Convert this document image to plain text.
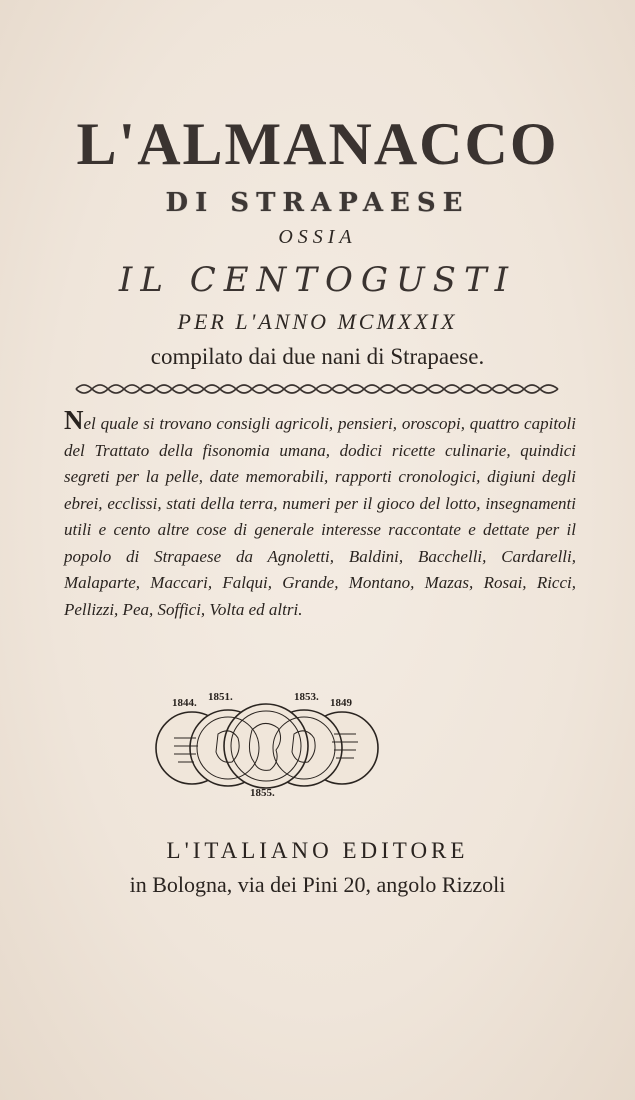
L'ALMANACCO
DI STRAPAESE
OSSIA
IL CENTOGUSTI
PER L'ANNO MCMXXIX
compilato dai due nani di Strapaese.
Nel quale si trovano consigli agricoli, pensieri, oroscopi, quattro capitoli del Trattato della fisonomia umana, dodici ricette culinarie, quindici segreti per la pelle, date memorabili, rapporti cronologici, digiuni degli ebrei, ecclissi, stati della terra, numeri per il gioco del lotto, insegnamenti utili e cento altre cose di generale interesse raccontate e dettate per il popolo di Strapaese da Agnoletti, Baldini, Bacchelli, Cardarelli, Malaparte, Maccari, Falqui, Grande, Montano, Mazas, Rosai, Ricci, Pellizzi, Pea, Soffici, Volta ed altri.
1844. 1851.	1853. 1849
1855.
L'ITALIANO EDITORE
in Bologna, via dei Pini 20, angolo Rizzoli
